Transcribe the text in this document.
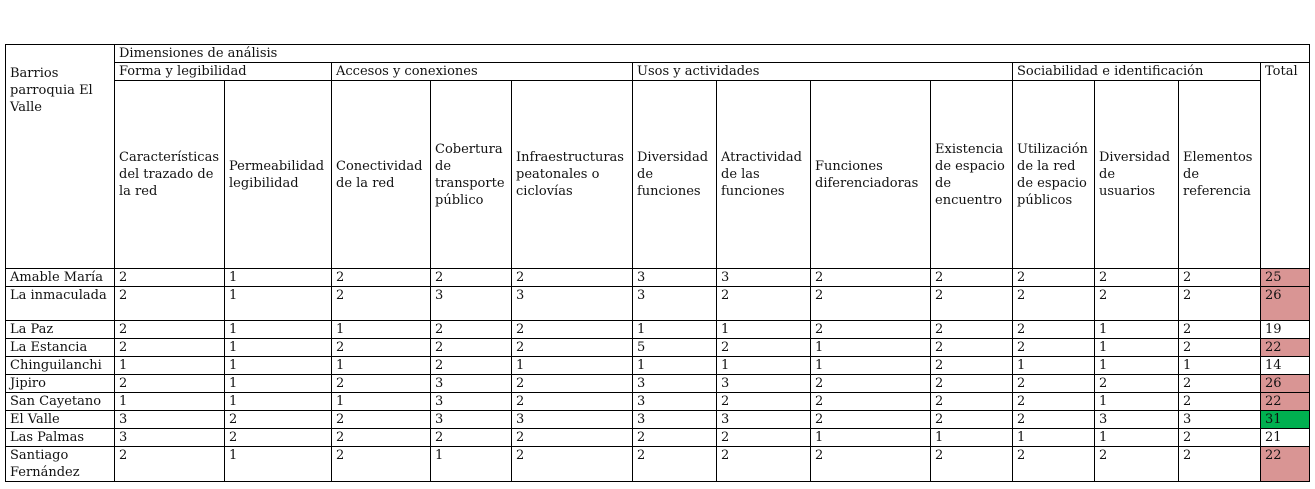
Barrios parroquia El Valle	Dimensiones de análisis												
	Forma y legibilidad		Accesos y conexiones			Usos y actividades				Sociabilidad e identificación			Total
	Características del trazado de la red	Permeabilidad legibilidad	Conectividad de la red	Cobertura de transporte público	Infraestructuras peatonales o ciclovías	Diversidad de funciones	Atractividad de las funciones	Funciones diferenciadoras	Existencia de espacio de encuentro	Utilización de la red de espacio públicos	Diversidad de usuarios	Elementos de referencia	
Amable María	2	1	2	2	2	3	3	2	2	2	2	2	25
La inmaculada	2	1	2	3	3	3	2	2	2	2	2	2	26
La Paz	2	1	1	2	2	1	1	2	2	2	1	2	19
La Estancia	2	1	2	2	2	5	2	1	2	2	1	2	22
Chinguilanchi	1	1	1	2	1	1	1	1	2	1	1	1	14
Jipiro	2	1	2	3	2	3	3	2	2	2	2	2	26
San Cayetano	1	1	1	3	2	3	2	2	2	2	1	2	22
El Valle	3	2	2	3	3	3	3	2	2	2	3	3	31
Las Palmas	3	2	2	2	2	2	2	1	1	1	1	2	21
Santiago Fernández	2	1	2	1	2	2	2	2	2	2	2	2	22
